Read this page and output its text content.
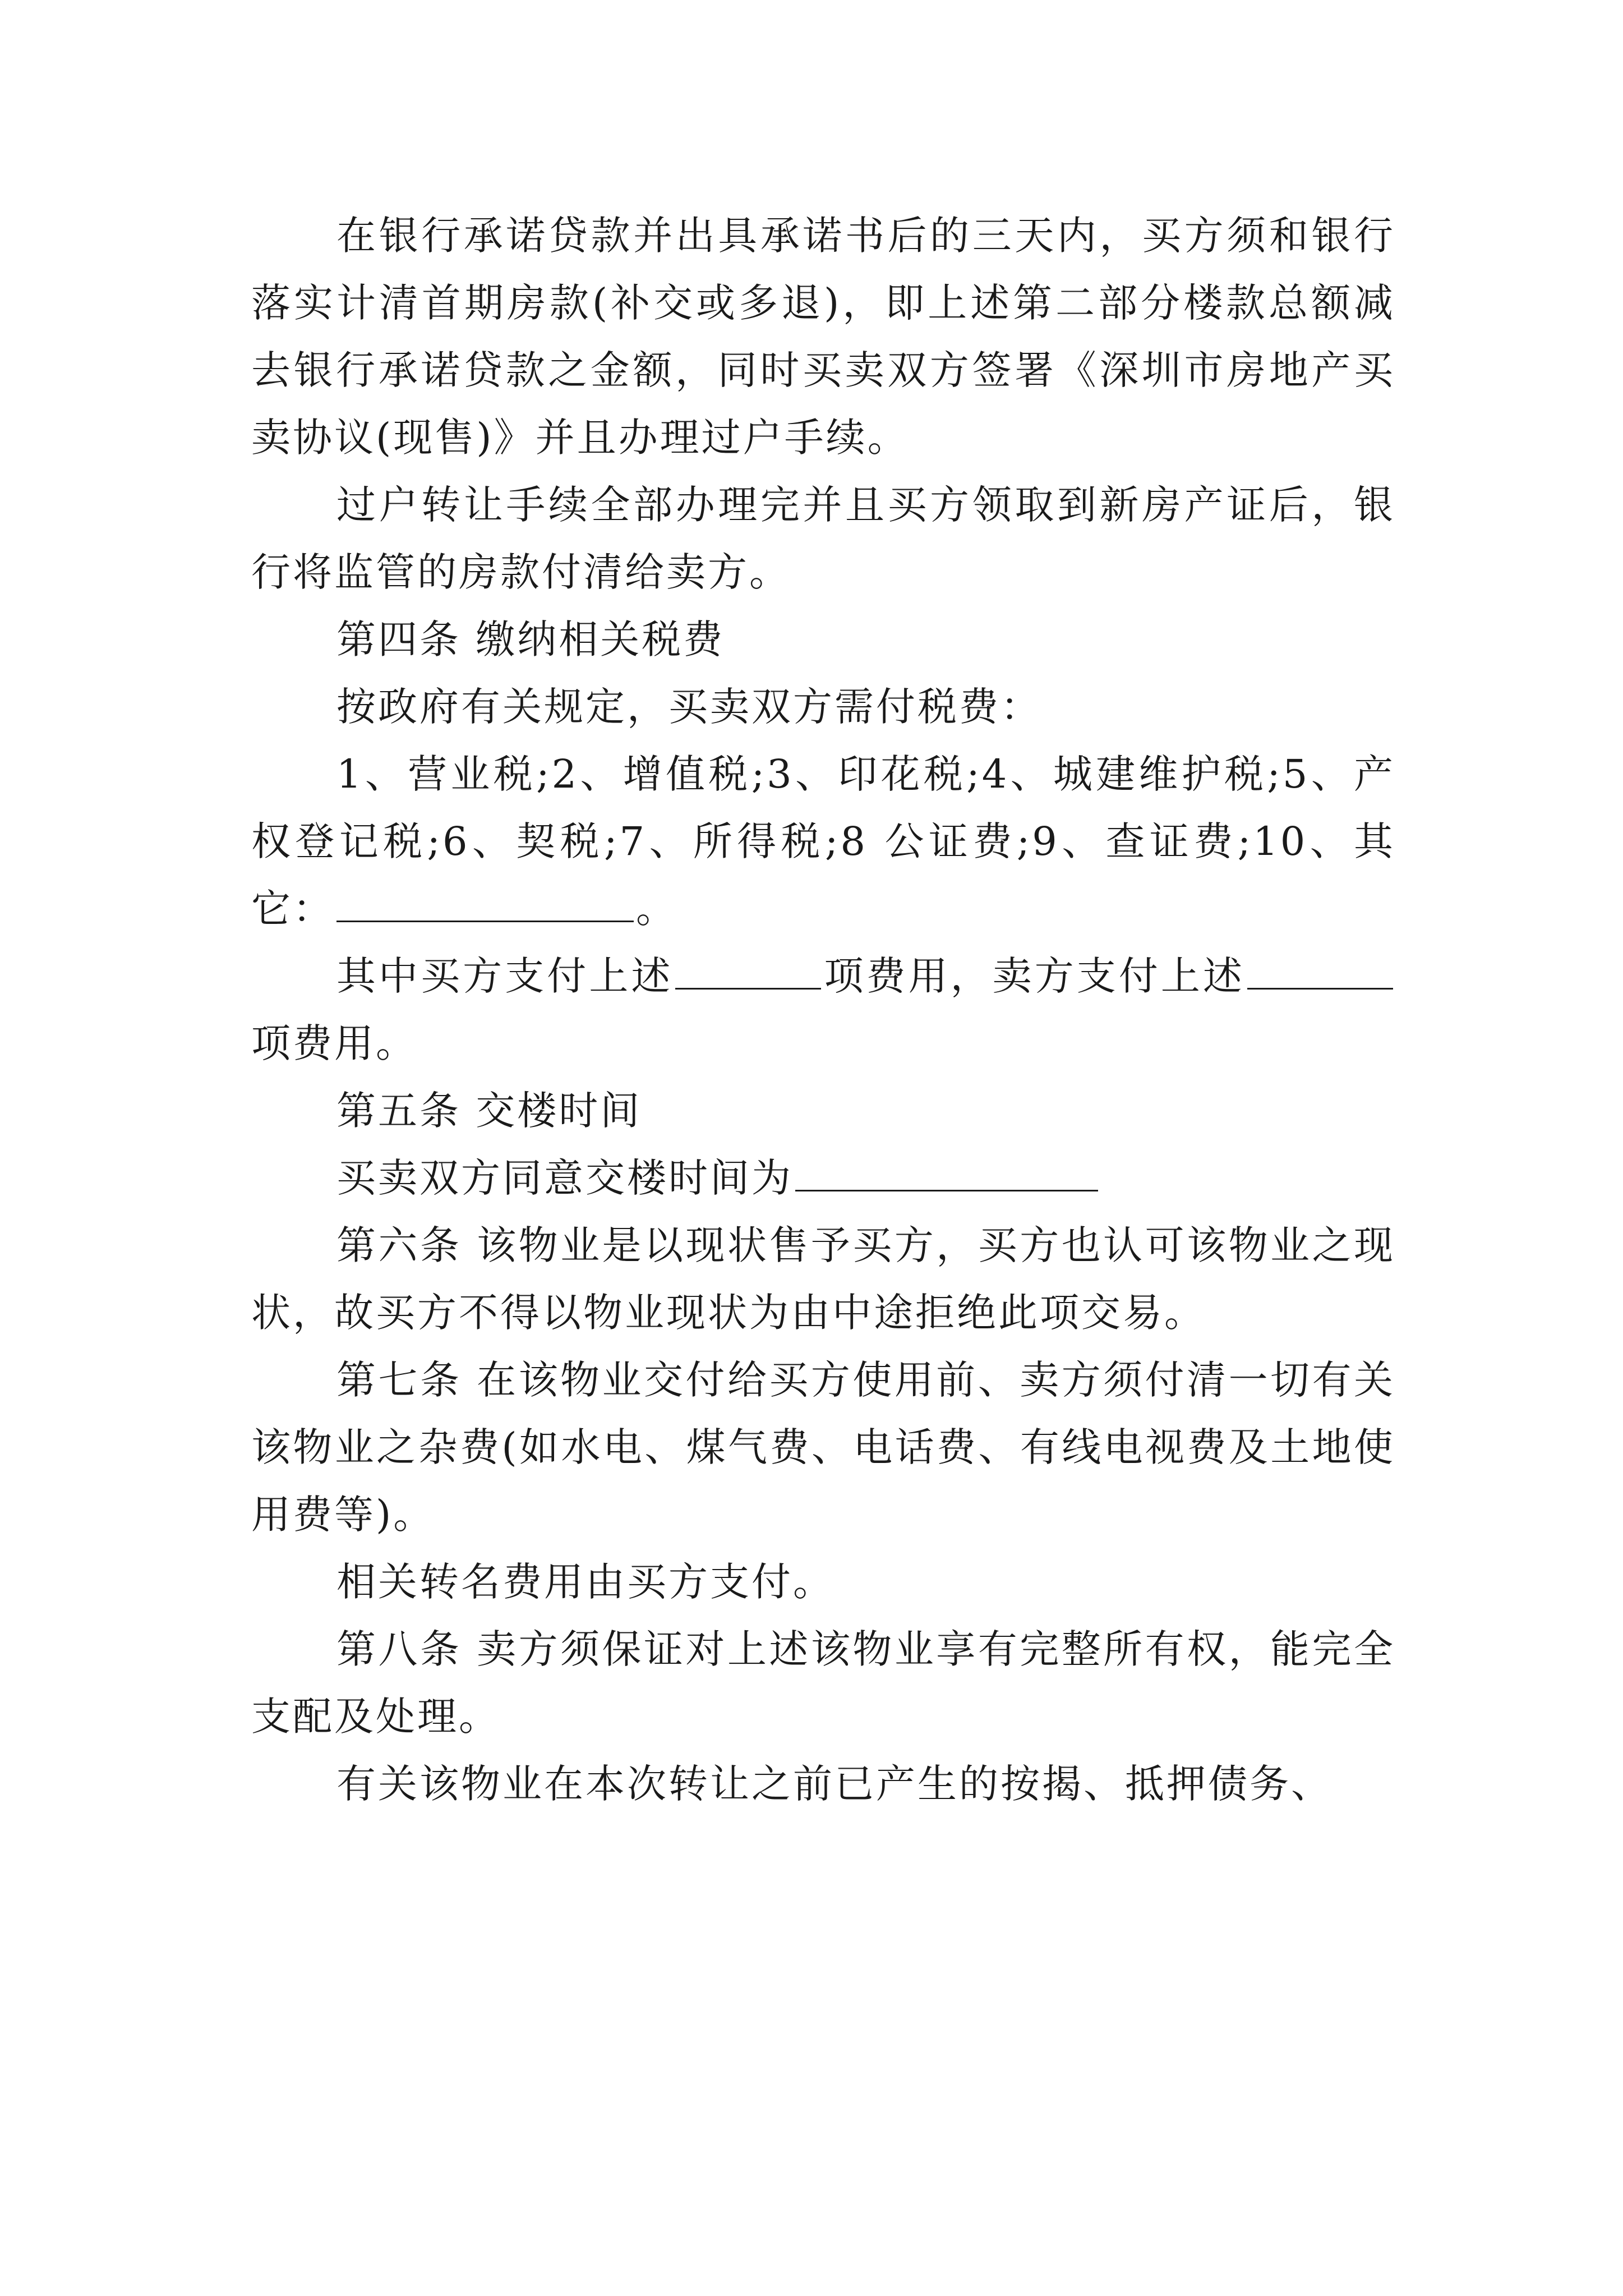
在银行承诺贷款并出具承诺书后的三天内，买方须和银行落实计清首期房款(补交或多退)，即上述第二部分楼款总额减去银行承诺贷款之金额，同时买卖双方签署《深圳市房地产买卖协议(现售)》并且办理过户手续。

过户转让手续全部办理完并且买方领取到新房产证后，银行将监管的房款付清给卖方。

第四条 缴纳相关税费

按政府有关规定，买卖双方需付税费：

1、营业税;2、增值税;3、印花税;4、城建维护税;5、产权登记税;6、契税;7、所得税;8 公证费;9、查证费;10、其它：	。

其中买方支付上述	项费用，卖方支付上述项费用。

第五条 交楼时间

买卖双方同意交楼时间为

第六条 该物业是以现状售予买方，买方也认可该物业之现状，故买方不得以物业现状为由中途拒绝此项交易。

第七条 在该物业交付给买方使用前、卖方须付清一切有关该物业之杂费(如水电、煤气费、电话费、有线电视费及土地使用费等)。

相关转名费用由买方支付。

第八条 卖方须保证对上述该物业享有完整所有权，能完全支配及处理。

有关该物业在本次转让之前已产生的按揭、抵押债务、
